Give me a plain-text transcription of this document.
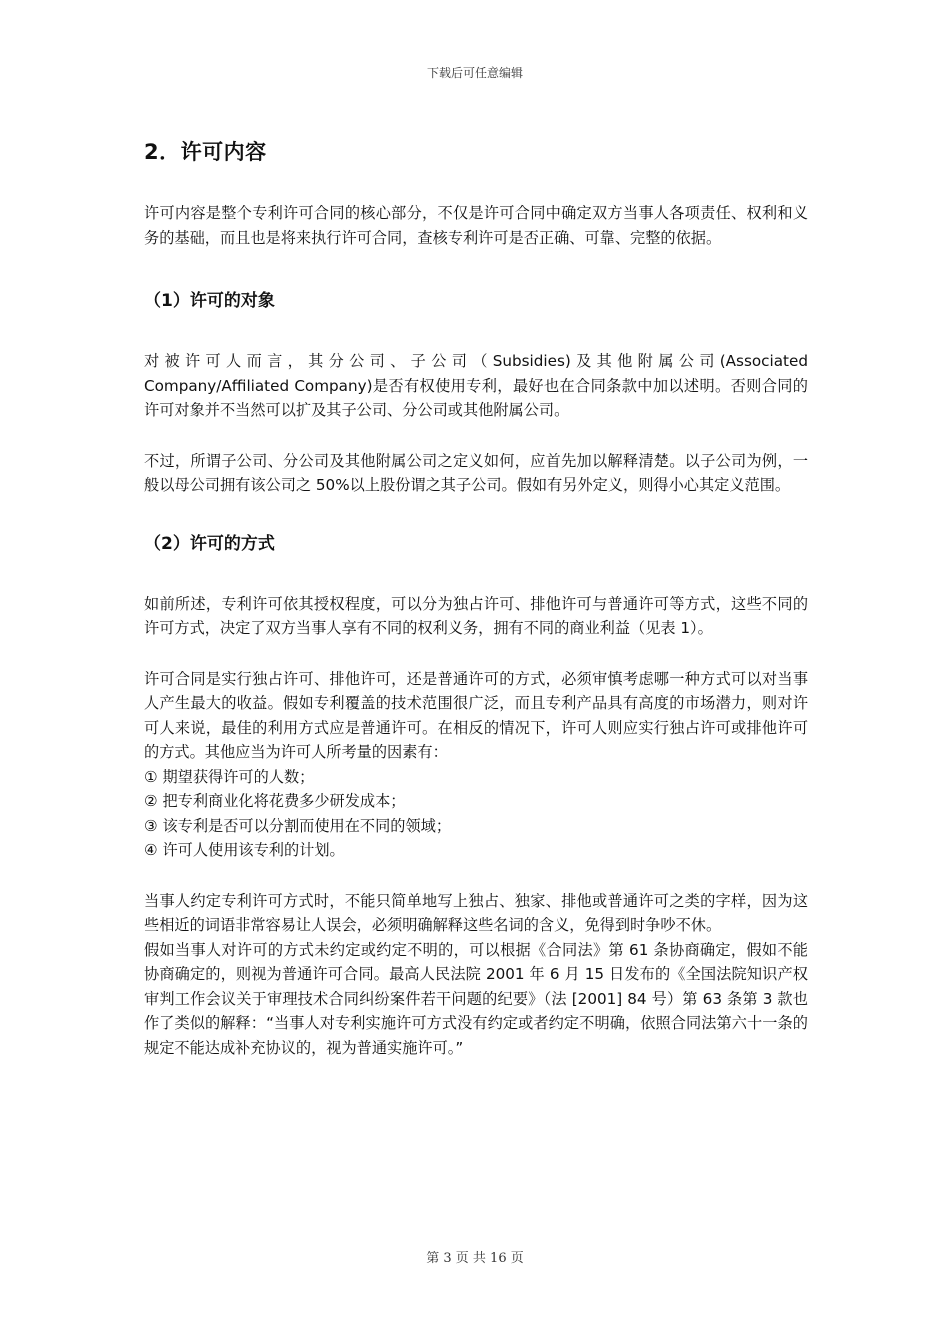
下载后可任意编辑
2．许可内容

许可内容是整个专利许可合同的核心部分，不仅是许可合同中确定双方当事人各项责任、权利和义务的基础，而且也是将来执行许可合同，查核专利许可是否正确、可靠、完整的依据。

（1）许可的对象

对被许可人而言，其分公司、子公司（Subsidies)及其他附属公司(Associated Company/Affiliated Company)是否有权使用专利，最好也在合同条款中加以述明。否则合同的许可对象并不当然可以扩及其子公司、分公司或其他附属公司。

不过，所谓子公司、分公司及其他附属公司之定义如何，应首先加以解释清楚。以子公司为例，一般以母公司拥有该公司之 50%以上股份谓之其子公司。假如有另外定义，则得小心其定义范围。

（2）许可的方式

如前所述，专利许可依其授权程度，可以分为独占许可、排他许可与普通许可等方式，这些不同的许可方式，决定了双方当事人享有不同的权利义务，拥有不同的商业利益（见表 1）。

许可合同是实行独占许可、排他许可，还是普通许可的方式，必须审慎考虑哪一种方式可以对当事人产生最大的收益。假如专利覆盖的技术范围很广泛，而且专利产品具有高度的市场潜力，则对许可人来说，最佳的利用方式应是普通许可。在相反的情况下，许可人则应实行独占许可或排他许可的方式。其他应当为许可人所考量的因素有：

① 期望获得许可的人数；

② 把专利商业化将花费多少研发成本；

③ 该专利是否可以分割而使用在不同的领域；

④ 许可人使用该专利的计划。

当事人约定专利许可方式时，不能只简单地写上独占、独家、排他或普通许可之类的字样，因为这些相近的词语非常容易让人误会，必须明确解释这些名词的含义，免得到时争吵不休。

假如当事人对许可的方式未约定或约定不明的，可以根据《合同法》第 61 条协商确定，假如不能协商确定的，则视为普通许可合同。最高人民法院 2001 年 6 月 15 日发布的《全国法院知识产权审判工作会议关于审理技术合同纠纷案件若干问题的纪要》（法 [2001] 84 号）第 63 条第 3 款也作了类似的解释：“当事人对专利实施许可方式没有约定或者约定不明确，依照合同法第六十一条的规定不能达成补充协议的，视为普通实施许可。”

第 3 页 共 16 页
